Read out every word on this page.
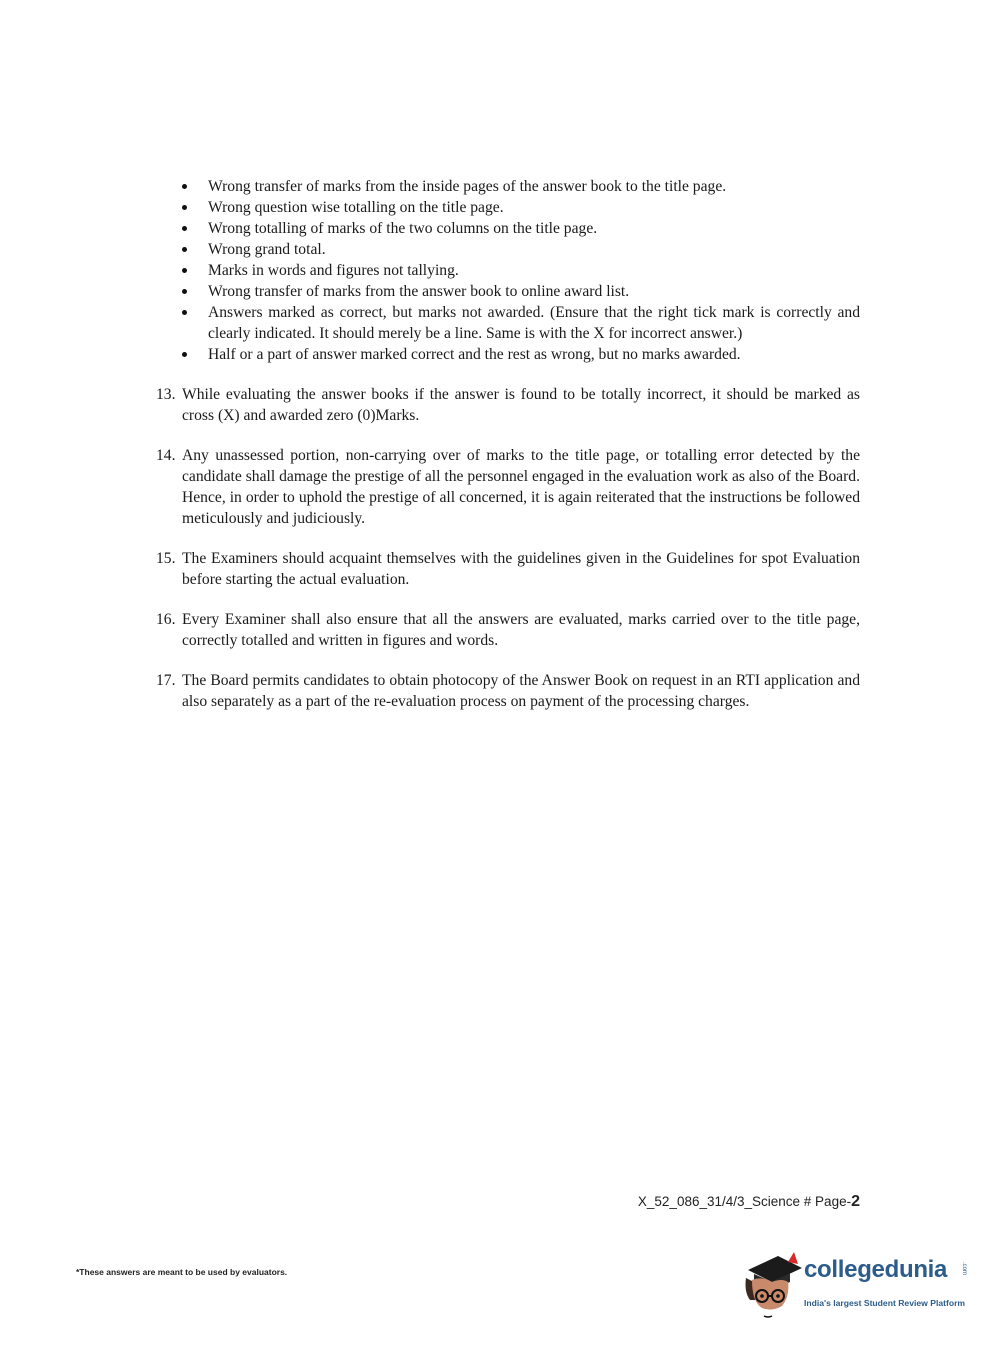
Wrong transfer of marks from the inside pages of the answer book to the title page.
Wrong question wise totalling on the title page.
Wrong totalling of marks of the two columns on the title page.
Wrong grand total.
Marks in words and figures not tallying.
Wrong transfer of marks from the answer book to online award list.
Answers marked as correct, but marks not awarded. (Ensure that the right tick mark is correctly and clearly indicated. It should merely be a line. Same is with the X for incorrect answer.)
Half or a part of answer marked correct and the rest as wrong, but no marks awarded.
13. While evaluating the answer books if the answer is found to be totally incorrect, it should be marked as cross (X) and awarded zero (0)Marks.
14. Any unassessed portion, non-carrying over of marks to the title page, or totalling error detected by the candidate shall damage the prestige of all the personnel engaged in the evaluation work as also of the Board. Hence, in order to uphold the prestige of all concerned, it is again reiterated that the instructions be followed meticulously and judiciously.
15. The Examiners should acquaint themselves with the guidelines given in the Guidelines for spot Evaluation before starting the actual evaluation.
16. Every Examiner shall also ensure that all the answers are evaluated, marks carried over to the title page, correctly totalled and written in figures and words.
17. The Board permits candidates to obtain photocopy of the Answer Book on request in an RTI application and also separately as a part of the re-evaluation process on payment of the processing charges.
X_52_086_31/4/3_Science # Page-2
*These answers are meant to be used by evaluators.	collegedunia .com
India's largest Student Review Platform
